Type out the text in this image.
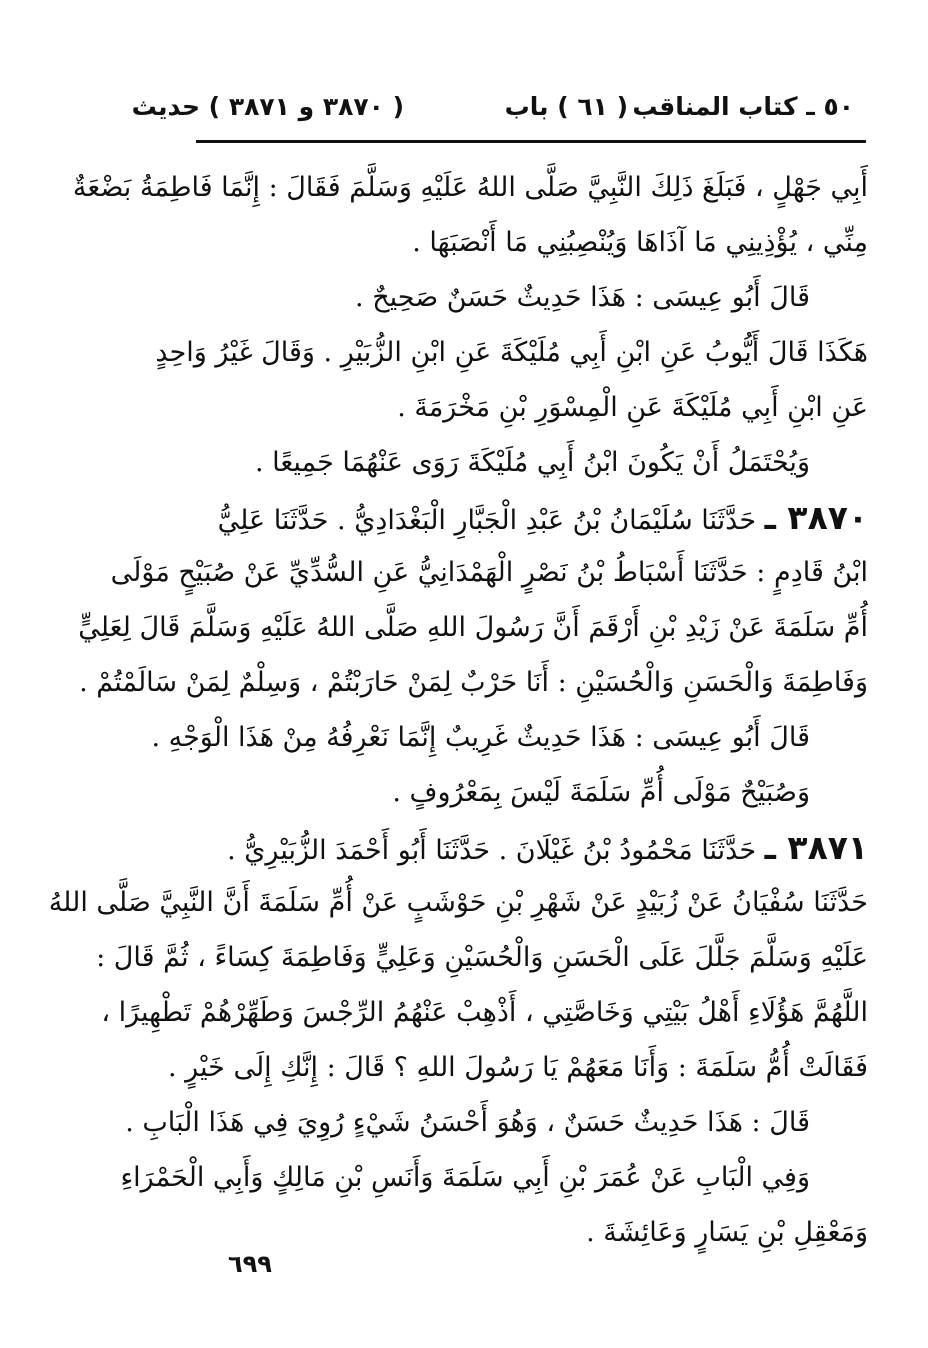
٥٠ ـ كتاب المناقب
( ٦١ ) باب
( ٣٨٧٠ و ٣٨٧١ ) حديث
أَبِي جَهْلٍ ، فَبَلَغَ ذَلِكَ النَّبِيَّ صَلَّى اللهُ عَلَيْهِ وَسَلَّمَ فَقَالَ : إِنَّمَا فَاطِمَةُ بَضْعَةٌ
مِنِّي ، يُؤْذِينِي مَا آذَاهَا وَيُنْصِبُنِي مَا أَنْصَبَهَا .
قَالَ أَبُو عِيسَى : هَذَا حَدِيثٌ حَسَنٌ صَحِيحٌ .
هَكَذَا قَالَ أَيُّوبُ عَنِ ابْنِ أَبِي مُلَيْكَةَ عَنِ ابْنِ الزُّبَيْرِ . وَقَالَ غَيْرُ وَاحِدٍ
عَنِ ابْنِ أَبِي مُلَيْكَةَ عَنِ الْمِسْوَرِ بْنِ مَخْرَمَةَ .
وَيُحْتَمَلُ أَنْ يَكُونَ ابْنُ أَبِي مُلَيْكَةَ رَوَى عَنْهُمَا جَمِيعًا .
٣٨٧٠ ـ حَدَّثَنَا سُلَيْمَانُ بْنُ عَبْدِ الْجَبَّارِ الْبَغْدَادِيُّ . حَدَّثَنَا عَلِيُّ
ابْنُ قَادِمٍ : حَدَّثَنَا أَسْبَاطُ بْنُ نَصْرٍ الْهَمْدَانِيُّ عَنِ السُّدِّيِّ عَنْ صُبَيْحٍ مَوْلَى
أُمِّ سَلَمَةَ عَنْ زَيْدِ بْنِ أَرْقَمَ أَنَّ رَسُولَ اللهِ صَلَّى اللهُ عَلَيْهِ وَسَلَّمَ قَالَ لِعَلِيٍّ
وَفَاطِمَةَ وَالْحَسَنِ وَالْحُسَيْنِ : أَنَا حَرْبٌ لِمَنْ حَارَبْتُمْ ، وَسِلْمٌ لِمَنْ سَالَمْتُمْ .
قَالَ أَبُو عِيسَى : هَذَا حَدِيثٌ غَرِيبٌ إِنَّمَا نَعْرِفُهُ مِنْ هَذَا الْوَجْهِ .
وَصُبَيْحٌ مَوْلَى أُمِّ سَلَمَةَ لَيْسَ بِمَعْرُوفٍ .
٣٨٧١ ـ حَدَّثَنَا مَحْمُودُ بْنُ غَيْلَانَ . حَدَّثَنَا أَبُو أَحْمَدَ الزُّبَيْرِيُّ .
حَدَّثَنَا سُفْيَانُ عَنْ زُبَيْدٍ عَنْ شَهْرِ بْنِ حَوْشَبٍ عَنْ أُمِّ سَلَمَةَ أَنَّ النَّبِيَّ صَلَّى اللهُ
عَلَيْهِ وَسَلَّمَ جَلَّلَ عَلَى الْحَسَنِ وَالْحُسَيْنِ وَعَلِيٍّ وَفَاطِمَةَ كِسَاءً ، ثُمَّ قَالَ :
اللَّهُمَّ هَؤُلَاءِ أَهْلُ بَيْتِي وَخَاصَّتِي ، أَذْهِبْ عَنْهُمُ الرِّجْسَ وَطَهِّرْهُمْ تَطْهِيرًا ،
فَقَالَتْ أُمُّ سَلَمَةَ : وَأَنَا مَعَهُمْ يَا رَسُولَ اللهِ ؟ قَالَ : إِنَّكِ إِلَى خَيْرٍ .
قَالَ : هَذَا حَدِيثٌ حَسَنٌ ، وَهُوَ أَحْسَنُ شَيْءٍ رُوِيَ فِي هَذَا الْبَابِ .
وَفِي الْبَابِ عَنْ عُمَرَ بْنِ أَبِي سَلَمَةَ وَأَنَسِ بْنِ مَالِكٍ وَأَبِي الْحَمْرَاءِ
وَمَعْقِلِ بْنِ يَسَارٍ وَعَائِشَةَ .
٦٩٩
